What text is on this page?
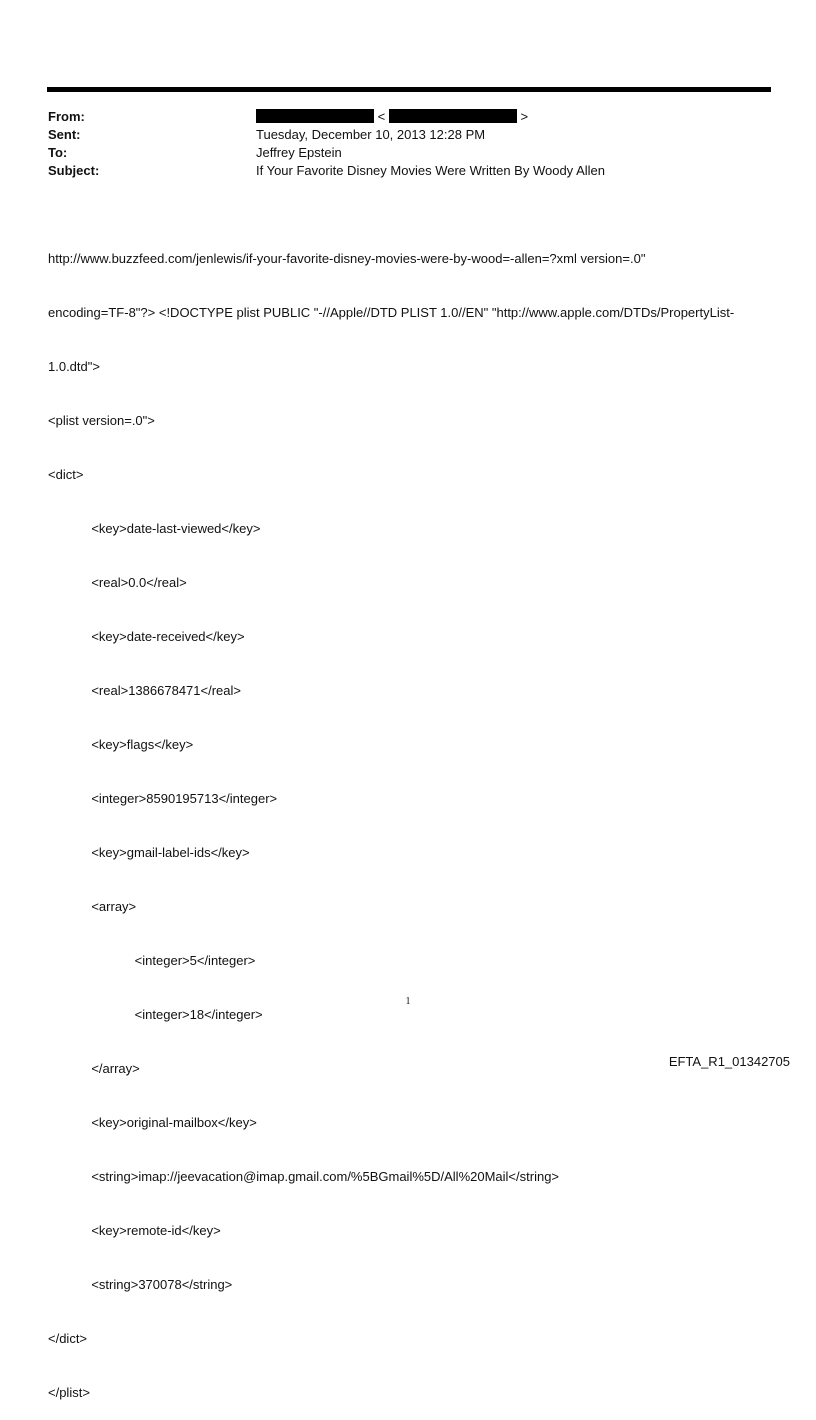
From:	<	>
Sent:	Tuesday, December 10, 2013 12:28 PM
To:	Jeffrey Epstein
Subject:	If Your Favorite Disney Movies Were Written By Woody Allen

http://www.buzzfeed.com/jenlewis/if-your-favorite-disney-movies-were-by-wood=-allen=?xml version=.0"

encoding=TF-8"?> <!DOCTYPE plist PUBLIC "-//Apple//DTD PLIST 1.0//EN" "http://www.apple.com/DTDs/PropertyList-

1.0.dtd">

<plist version=.0">

<dict>

<key>date-last-viewed</key>

<real>0.0</real>

<key>date-received</key>

<real>1386678471</real>

<key>flags</key>

<integer>8590195713</integer>

<key>gmail-label-ids</key>

<array>

<integer>5</integer>

<integer>18</integer>

</array>

<key>original-mailbox</key>

<string>imap://jeevacation@imap.gmail.com/%5BGmail%5D/All%20Mail</string>

<key>remote-id</key>

<string>370078</string>

</dict>

</plist>

1
EFTA_R1_01342705
